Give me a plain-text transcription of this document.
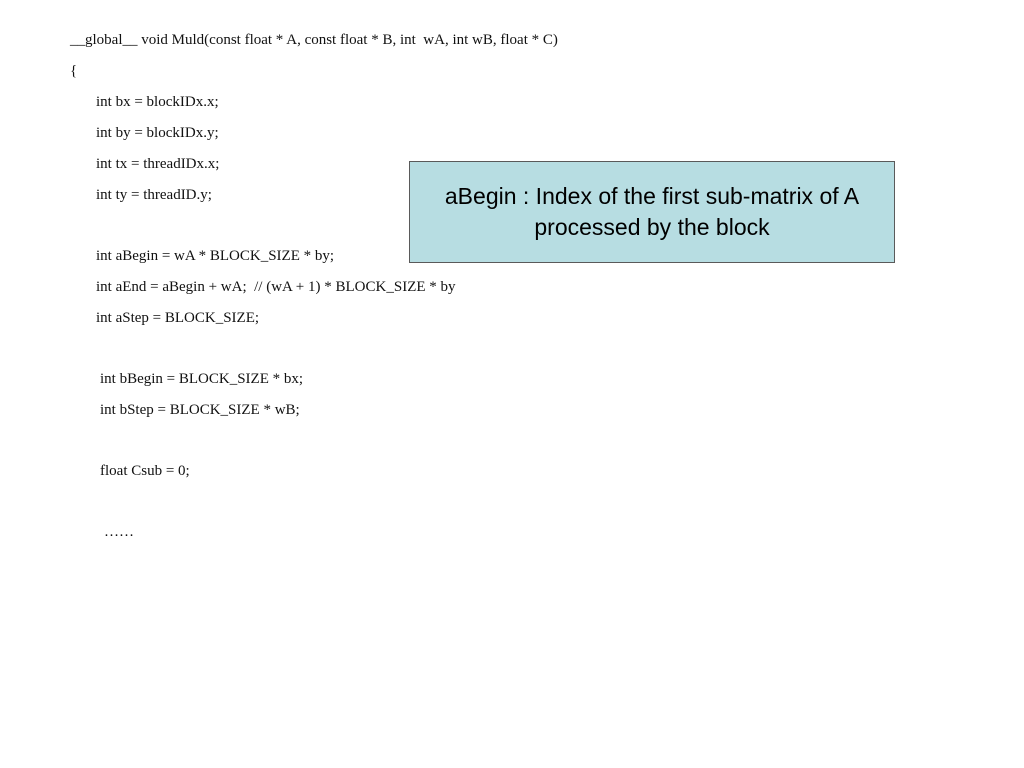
__global__ void Muld(const float * A, const float * B, int  wA, int wB, float * C)
{
int bx = blockIDx.x;
int by = blockIDx.y;
int tx = threadIDx.x;
int ty = threadID.y;
int aBegin = wA * BLOCK_SIZE * by;
int aEnd = aBegin + wA;  // (wA + 1) * BLOCK_SIZE * by
int aStep = BLOCK_SIZE;
int bBegin = BLOCK_SIZE * bx;
int bStep = BLOCK_SIZE * wB;
float Csub = 0;
……
aBegin : Index of the first sub-matrix of A processed by the block
